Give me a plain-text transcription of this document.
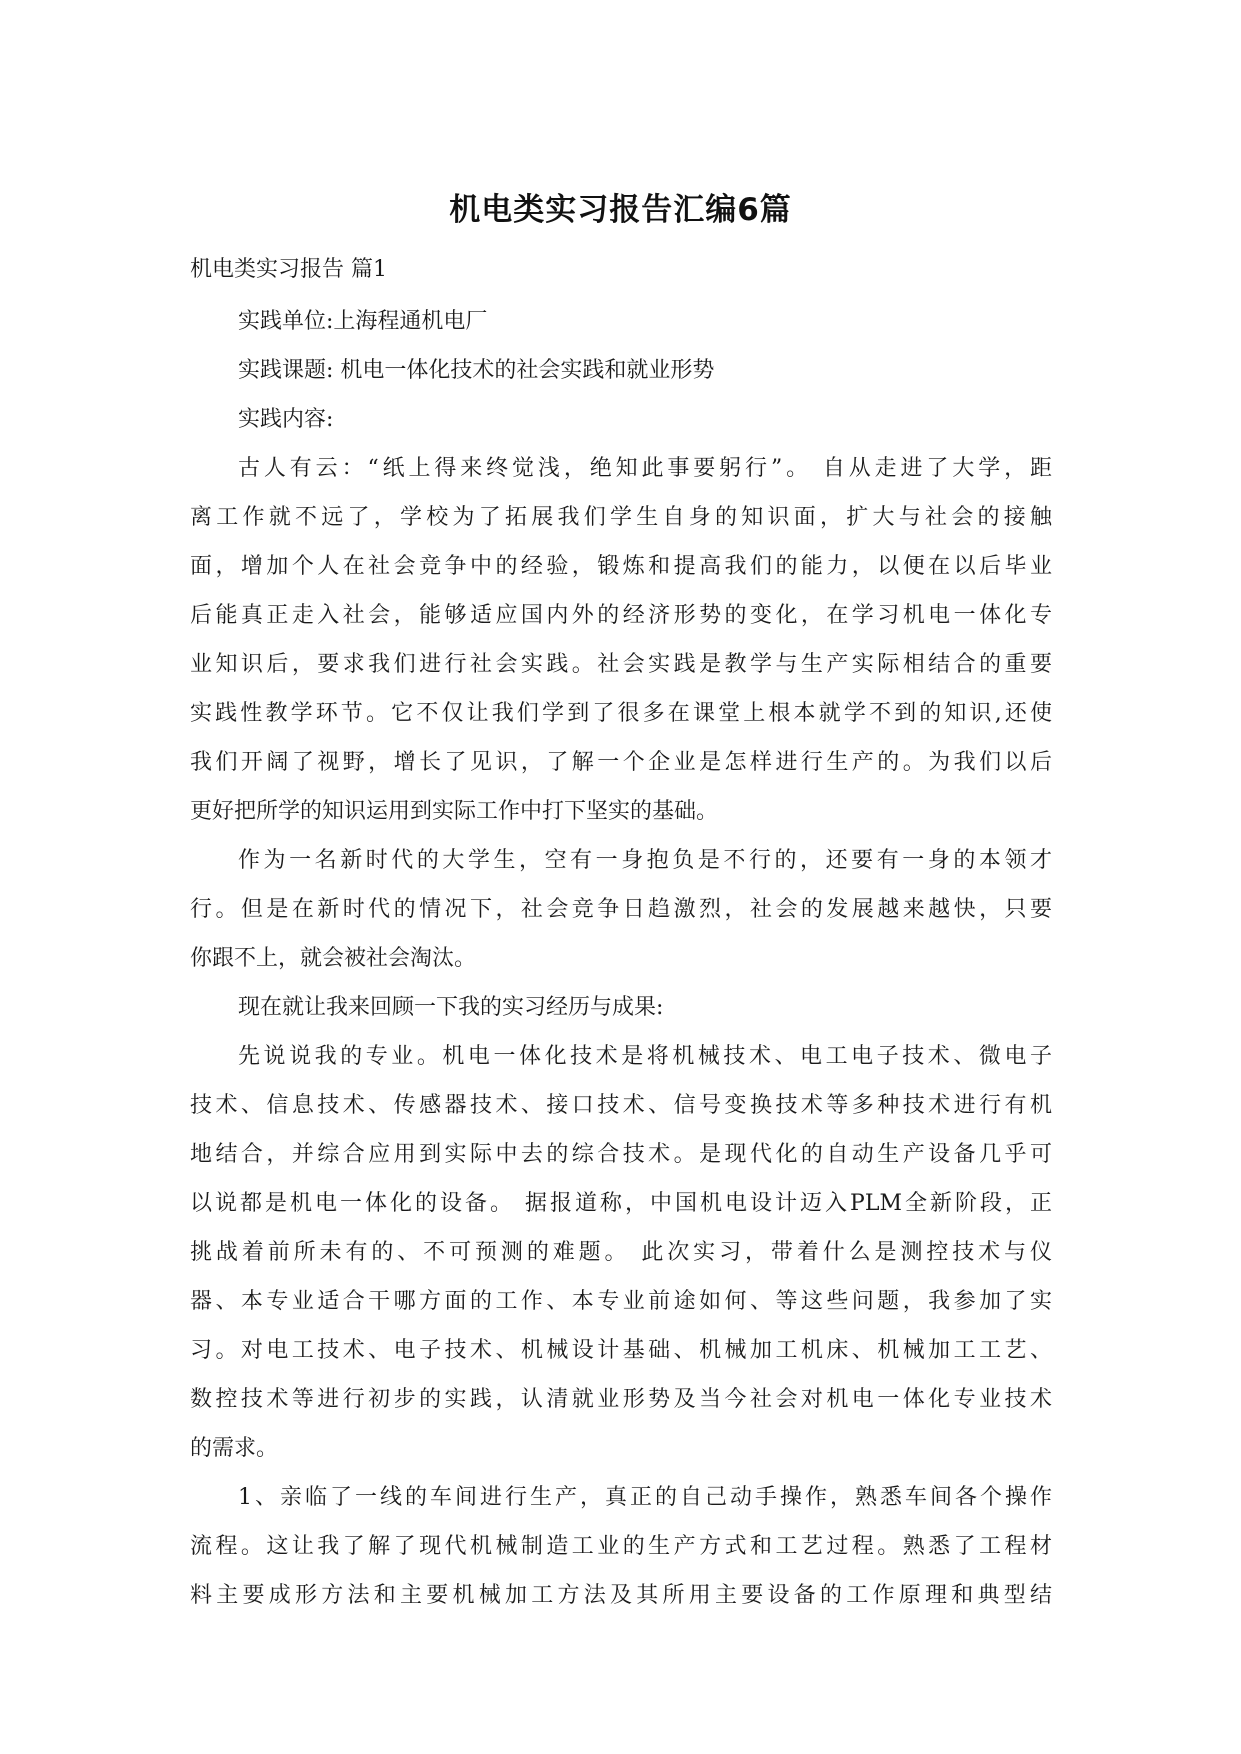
机电类实习报告汇编6篇
机电类实习报告 篇1
实践单位:上海程通机电厂
实践课题: 机电一体化技术的社会实践和就业形势
实践内容:
古人有云：“纸上得来终觉浅，绝知此事要躬行”。 自从走进了大学，距
离工作就不远了，学校为了拓展我们学生自身的知识面，扩大与社会的接触
面，增加个人在社会竞争中的经验，锻炼和提高我们的能力，以便在以后毕业
后能真正走入社会，能够适应国内外的经济形势的变化，在学习机电一体化专
业知识后，要求我们进行社会实践。社会实践是教学与生产实际相结合的重要
实践性教学环节。它不仅让我们学到了很多在课堂上根本就学不到的知识,还使
我们开阔了视野，增长了见识，了解一个企业是怎样进行生产的。为我们以后
更好把所学的知识运用到实际工作中打下坚实的基础。
作为一名新时代的大学生，空有一身抱负是不行的，还要有一身的本领才
行。但是在新时代的情况下，社会竞争日趋激烈，社会的发展越来越快，只要
你跟不上，就会被社会淘汰。
现在就让我来回顾一下我的实习经历与成果:
先说说我的专业。机电一体化技术是将机械技术、电工电子技术、微电子
技术、信息技术、传感器技术、接口技术、信号变换技术等多种技术进行有机
地结合，并综合应用到实际中去的综合技术。是现代化的自动生产设备几乎可
以说都是机电一体化的设备。 据报道称，中国机电设计迈入PLM全新阶段，正
挑战着前所未有的、不可预测的难题。 此次实习，带着什么是测控技术与仪
器、本专业适合干哪方面的工作、本专业前途如何、等这些问题，我参加了实
习。对电工技术、电子技术、机械设计基础、机械加工机床、机械加工工艺、
数控技术等进行初步的实践，认清就业形势及当今社会对机电一体化专业技术
的需求。
1、亲临了一线的车间进行生产，真正的自己动手操作，熟悉车间各个操作
流程。这让我了解了现代机械制造工业的生产方式和工艺过程。熟悉了工程材
料主要成形方法和主要机械加工方法及其所用主要设备的工作原理和典型结
